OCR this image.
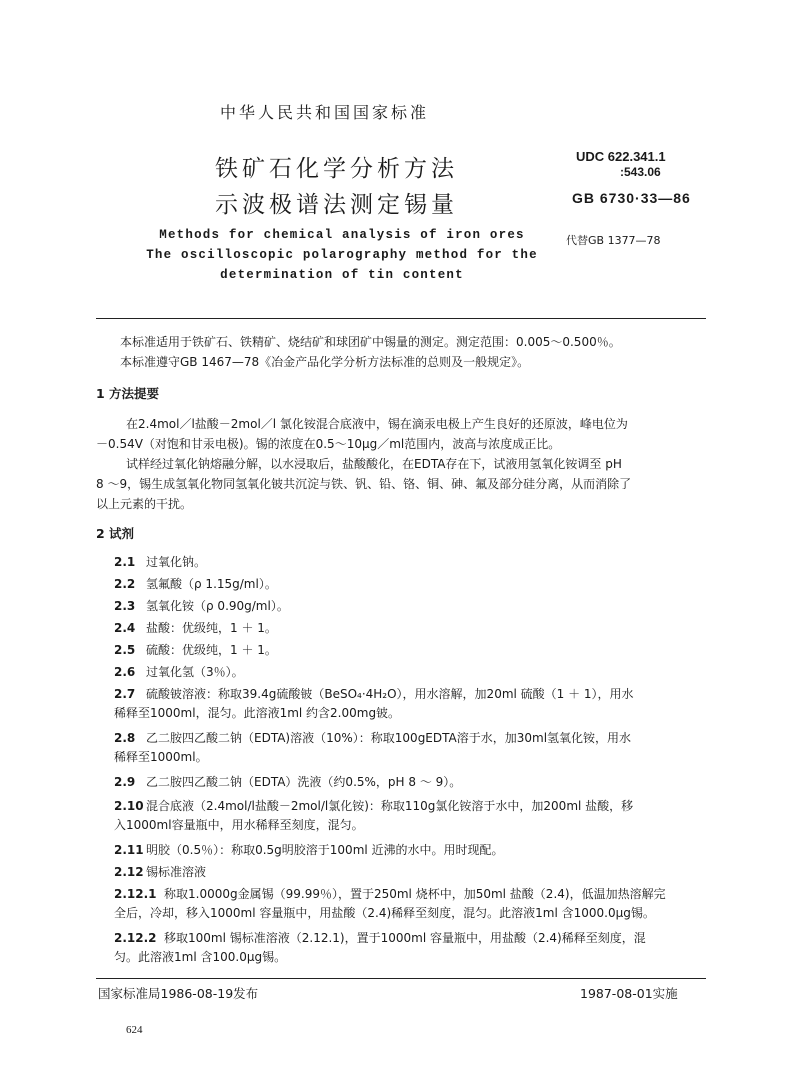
中华人民共和国国家标准
铁矿石化学分析方法
示波极谱法测定锡量
UDC 622.341.1
:543.06
GB 6730·33—86
代替GB 1377—78
Methods for chemical analysis of iron ores
The oscilloscopic polarography method for the
determination of tin content
本标准适用于铁矿石、铁精矿、烧结矿和球团矿中锡量的测定。测定范围：0.005～0.500％。
本标准遵守GB 1467—78《冶金产品化学分析方法标准的总则及一般规定》。
1 方法提要
在2.4mol／l盐酸－2mol／l 氯化铵混合底液中，锡在滴汞电极上产生良好的还原波，峰电位为
－0.54V（对饱和甘汞电极)。锡的浓度在0.5～10μg／ml范围内，波高与浓度成正比。
试样经过氧化钠熔融分解，以水浸取后，盐酸酸化，在EDTA存在下，试液用氢氧化铵调至 pH
8 ～9，锡生成氢氧化物同氢氧化铍共沉淀与铁、钒、铅、铬、铜、砷、氟及部分硅分离，从而消除了
以上元素的干扰。
2 试剂
2.1 过氧化钠。
2.2 氢氟酸（ρ 1.15g/ml）。
2.3 氢氧化铵（ρ 0.90g/ml）。
2.4 盐酸：优级纯，1 ＋ 1。
2.5 硫酸：优级纯，1 ＋ 1。
2.6 过氧化氢（3％）。
2.7 硫酸铍溶液：称取39.4g硫酸铍（BeSO₄·4H₂O），用水溶解，加20ml 硫酸（1 ＋ 1），用水
稀释至1000ml，混匀。此溶液1ml 约含2.00mg铍。
2.8 乙二胺四乙酸二钠（EDTA)溶液（10%）：称取100gEDTA溶于水，加30ml氢氧化铵，用水
稀释至1000ml。
2.9 乙二胺四乙酸二钠（EDTA）洗液（约0.5%，pH 8 ～ 9）。
2.10 混合底液（2.4mol/l盐酸－2mol/l氯化铵)：称取110g氯化铵溶于水中，加200ml 盐酸，移
入1000ml容量瓶中，用水稀释至刻度，混匀。
2.11 明胶（0.5％）：称取0.5g明胶溶于100ml 近沸的水中。用时现配。
2.12 锡标准溶液
2.12.1 称取1.0000g金属锡（99.99％），置于250ml 烧杯中，加50ml 盐酸（2.4)，低温加热溶解完
全后，冷却，移入1000ml 容量瓶中，用盐酸（2.4)稀释至刻度，混匀。此溶液1ml 含1000.0μg锡。
2.12.2 移取100ml 锡标准溶液（2.12.1)，置于1000ml 容量瓶中，用盐酸（2.4)稀释至刻度，混
匀。此溶液1ml 含100.0μg锡。
国家标准局1986-08-19发布	1987-08-01实施
624
